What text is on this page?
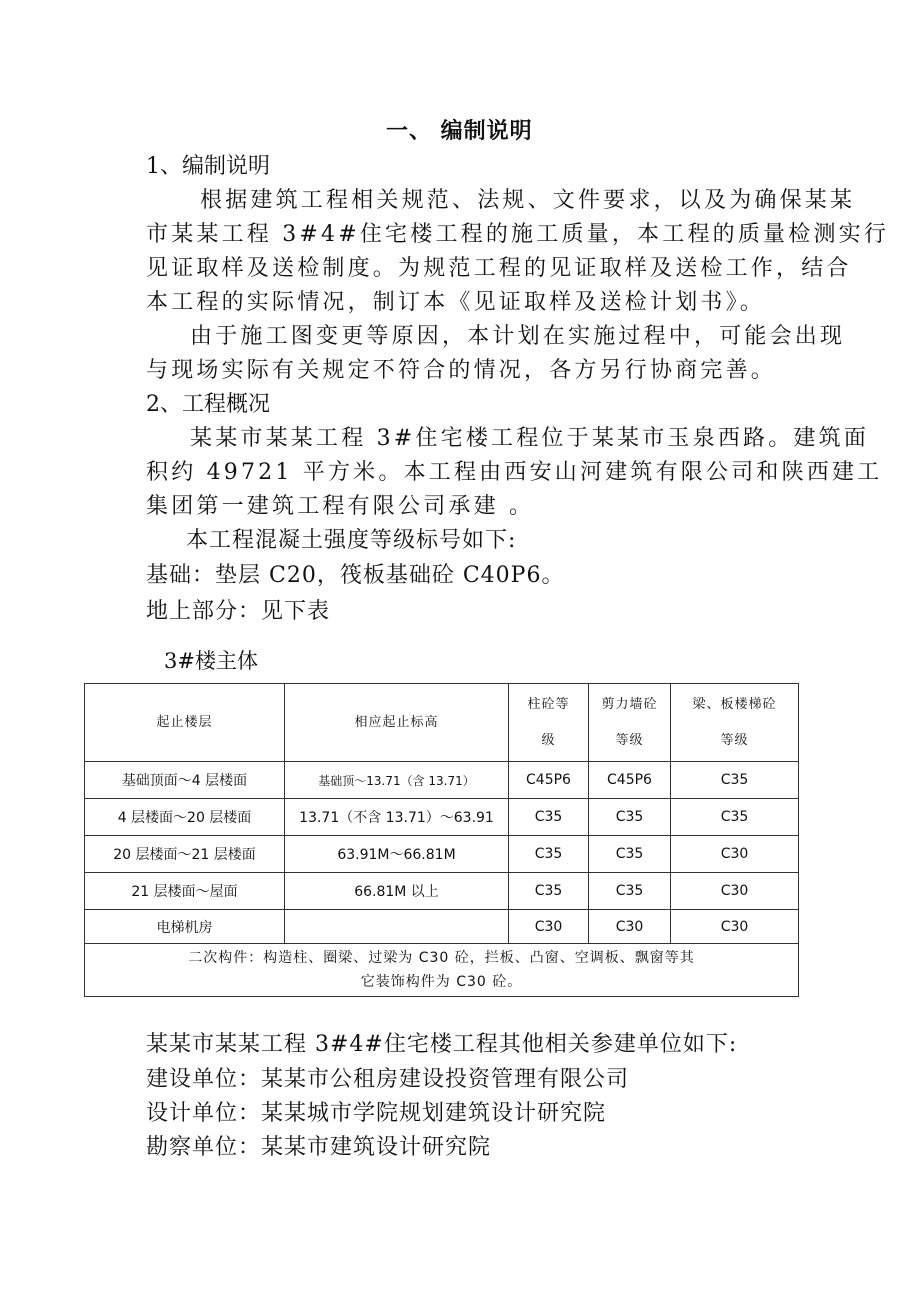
一、 编制说明
1、编制说明
根据建筑工程相关规范、法规、文件要求，以及为确保某某
市某某工程 3#4#住宅楼工程的施工质量，本工程的质量检测实行
见证取样及送检制度。为规范工程的见证取样及送检工作，结合
本工程的实际情况，制订本《见证取样及送检计划书》。
由于施工图变更等原因，本计划在实施过程中，可能会出现
与现场实际有关规定不符合的情况，各方另行协商完善。
2、工程概况
某某市某某工程 3#住宅楼工程位于某某市玉泉西路。建筑面
积约 49721 平方米。本工程由西安山河建筑有限公司和陕西建工
集团第一建筑工程有限公司承建 。
本工程混凝土强度等级标号如下:
基础：垫层 C20，筏板基础砼 C40P6。
地上部分：见下表
3#楼主体
起止楼层	相应起止标高	柱砼等
级	剪力墙砼
等级	梁、板楼梯砼
等级
基础顶面～4 层楼面	基础顶～13.71（含 13.71）	C45P6	C45P6	C35
4 层楼面～20 层楼面	13.71（不含 13.71）～63.91	C35	C35	C35
20 层楼面～21 层楼面	63.91M～66.81M	C35	C35	C30
21 层楼面～屋面	66.81M 以上	C35	C35	C30
电梯机房		C30	C30	C30
二次构件：构造柱、圈梁、过梁为 C30 砼，拦板、凸窗、空调板、飘窗等其
它装饰构件为 C30 砼。				
某某市某某工程 3#4#住宅楼工程其他相关参建单位如下:
建设单位：某某市公租房建设投资管理有限公司
设计单位：某某城市学院规划建筑设计研究院
勘察单位：某某市建筑设计研究院
